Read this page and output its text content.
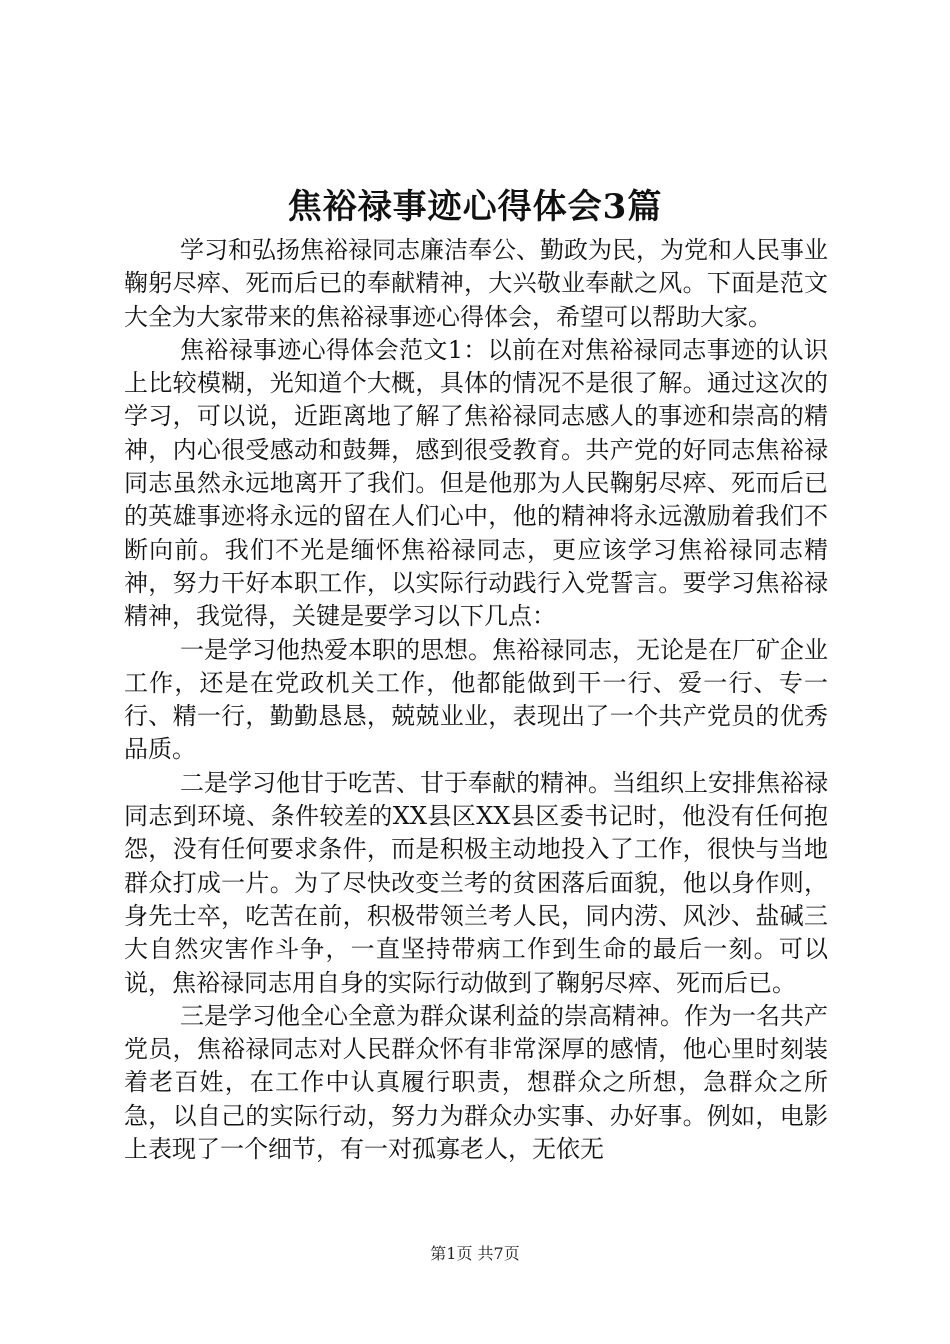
焦裕禄事迹心得体会3篇

学习和弘扬焦裕禄同志廉洁奉公、勤政为民，为党和人民事业鞠躬尽瘁、死而后已的奉献精神，大兴敬业奉献之风。下面是范文大全为大家带来的焦裕禄事迹心得体会，希望可以帮助大家。

焦裕禄事迹心得体会范文1：以前在对焦裕禄同志事迹的认识上比较模糊，光知道个大概，具体的情况不是很了解。通过这次的学习，可以说，近距离地了解了焦裕禄同志感人的事迹和崇高的精神，内心很受感动和鼓舞，感到很受教育。共产党的好同志焦裕禄同志虽然永远地离开了我们。但是他那为人民鞠躬尽瘁、死而后已的英雄事迹将永远的留在人们心中，他的精神将永远激励着我们不断向前。我们不光是缅怀焦裕禄同志，更应该学习焦裕禄同志精神，努力干好本职工作，以实际行动践行入党誓言。要学习焦裕禄精神，我觉得，关键是要学习以下几点：

一是学习他热爱本职的思想。焦裕禄同志，无论是在厂矿企业工作，还是在党政机关工作，他都能做到干一行、爱一行、专一行、精一行，勤勤恳恳，兢兢业业，表现出了一个共产党员的优秀品质。

二是学习他甘于吃苦、甘于奉献的精神。当组织上安排焦裕禄同志到环境、条件较差的XX县区XX县区委书记时，他没有任何抱怨，没有任何要求条件，而是积极主动地投入了工作，很快与当地群众打成一片。为了尽快改变兰考的贫困落后面貌，他以身作则，身先士卒，吃苦在前，积极带领兰考人民，同内涝、风沙、盐碱三大自然灾害作斗争，一直坚持带病工作到生命的最后一刻。可以说，焦裕禄同志用自身的实际行动做到了鞠躬尽瘁、死而后已。

三是学习他全心全意为群众谋利益的崇高精神。作为一名共产党员，焦裕禄同志对人民群众怀有非常深厚的感情，他心里时刻装着老百姓，在工作中认真履行职责，想群众之所想，急群众之所急，以自己的实际行动，努力为群众办实事、办好事。例如，电影上表现了一个细节，有一对孤寡老人，无依无

第1页 共7页
